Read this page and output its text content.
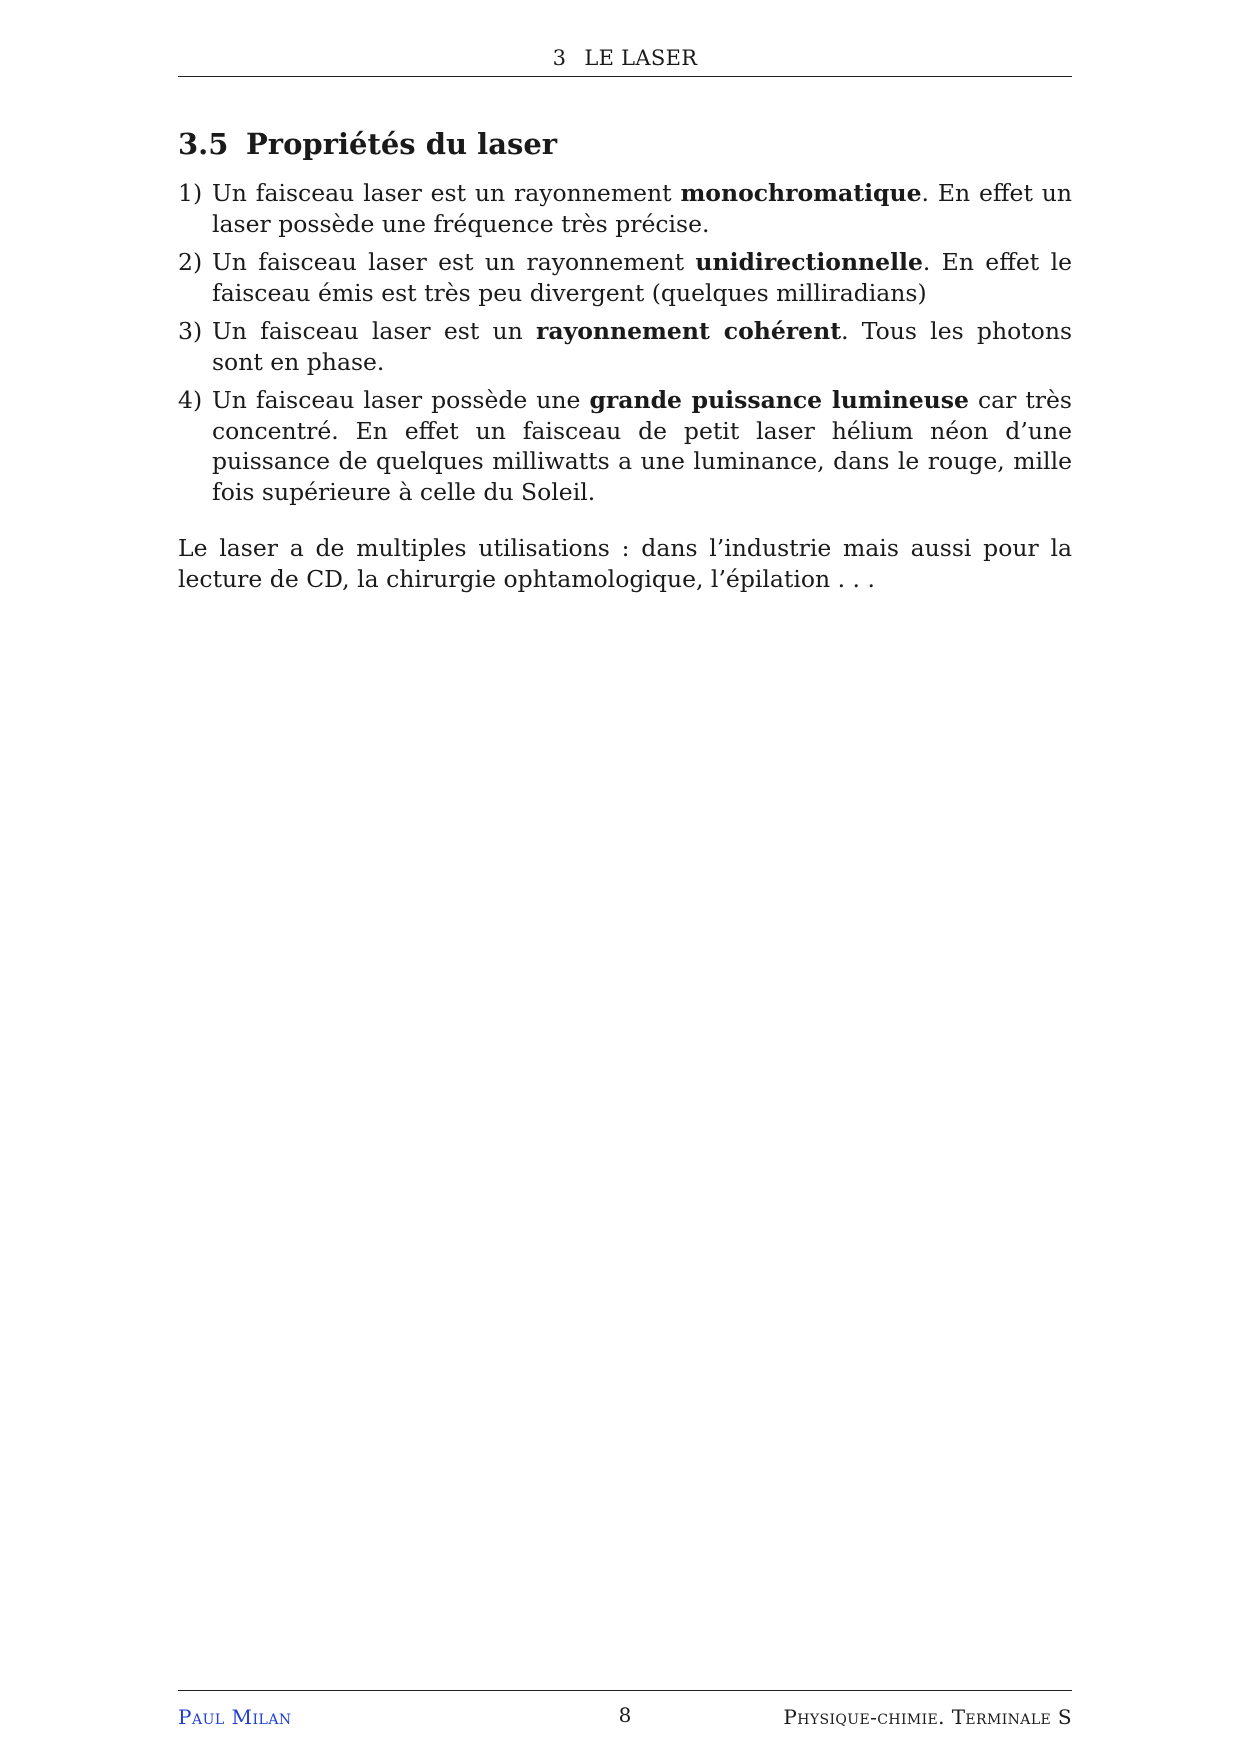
3 LE LASER
3.5 Propriétés du laser
1) Un faisceau laser est un rayonnement monochromatique. En effet un laser possède une fréquence très précise.
2) Un faisceau laser est un rayonnement unidirectionnelle. En effet le faisceau émis est très peu divergent (quelques milliradians)
3) Un faisceau laser est un rayonnement cohérent. Tous les photons sont en phase.
4) Un faisceau laser possède une grande puissance lumineuse car très concentré. En effet un faisceau de petit laser hélium néon d’une puissance de quelques milliwatts a une luminance, dans le rouge, mille fois supérieure à celle du Soleil.

Le laser a de multiples utilisations : dans l’industrie mais aussi pour la lecture de CD, la chirurgie ophtamologique, l’épilation . . .

Paul Milan	8	Physique-chimie. Terminale S
